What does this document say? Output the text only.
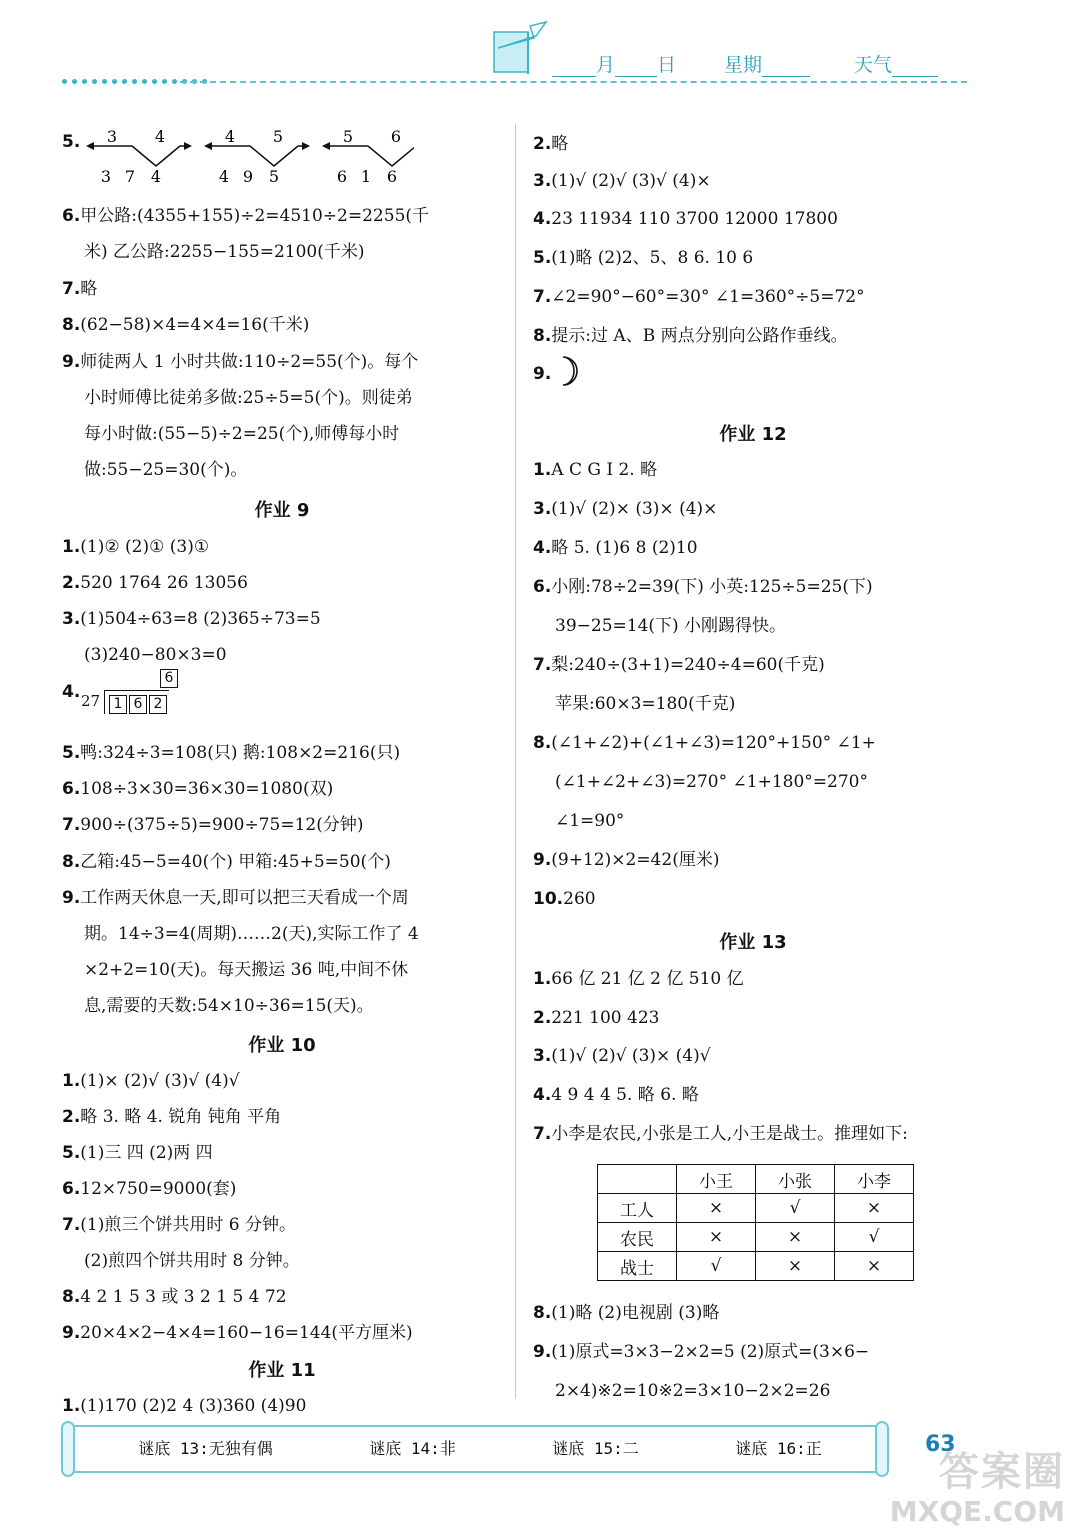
月 日	星期	天气
5. 3 4
3 7 4
4 5
4 9 5
5 6
6 1 6
4.
6
27 1 6 2
6.甲公路:(4355+155)÷2=4510÷2=2255(千
米) 乙公路:2255−155=2100(千米)
7.略
8.(62−58)×4=4×4=16(千米)
9.师徒两人 1 小时共做:110÷2=55(个)。每个
小时师傅比徒弟多做:25÷5=5(个)。则徒弟
每小时做:(55−5)÷2=25(个),师傅每小时
做:55−25=30(个)。
1.(1)② (2)① (3)①
2.520 1764 26 13056
3.(1)504÷63=8 (2)365÷73=5
(3)240−80×3=0
5.鸭:324÷3=108(只) 鹅:108×2=216(只)
6.108÷3×30=36×30=1080(双)
7.900÷(375÷5)=900÷75=12(分钟)
8.乙箱:45−5=40(个) 甲箱:45+5=50(个)
9.工作两天休息一天,即可以把三天看成一个周
期。14÷3=4(周期)……2(天),实际工作了 4
×2+2=10(天)。每天搬运 36 吨,中间不休
息,需要的天数:54×10÷36=15(天)。
1.(1)× (2)√ (3)√ (4)√
2.略 3. 略 4. 锐角 钝角 平角
5.(1)三 四 (2)两 四
6.12×750=9000(套)
7.(1)煎三个饼共用时 6 分钟。
(2)煎四个饼共用时 8 分钟。
8.4 2 1 5 3 或 3 2 1 5 4 72
9.20×4×2−4×4=160−16=144(平方厘米)
1.(1)170 (2)2 4 (3)360 (4)90
作业 9
作业 10
作业 11
9.
	小王	小张	小李
工人	×	√	×
农民	×	×	√
战士	√	×	×
2.略
3.(1)√ (2)√ (3)√ (4)×
4.23 11934 110 3700 12000 17800
5.(1)略 (2)2、5、8 6. 10 6
7.∠2=90°−60°=30° ∠1=360°÷5=72°
8.提示:过 A、B 两点分别向公路作垂线。
1.A C G I 2. 略
3.(1)√ (2)× (3)× (4)×
4.略 5. (1)6 8 (2)10
6.小刚:78÷2=39(下) 小英:125÷5=25(下)
39−25=14(下) 小刚踢得快。
7.梨:240÷(3+1)=240÷4=60(千克)
苹果:60×3=180(千克)
8.(∠1+∠2)+(∠1+∠3)=120°+150° ∠1+
(∠1+∠2+∠3)=270° ∠1+180°=270°
∠1=90°
9.(9+12)×2=42(厘米)
10.260
1.66 亿 21 亿 2 亿 510 亿
2.221 100 423
3.(1)√ (2)√ (3)× (4)√
4.4 9 4 4 5. 略 6. 略
7.小李是农民,小张是工人,小王是战士。推理如下:
8.(1)略 (2)电视剧 (3)略
9.(1)原式=3×3−2×2=5 (2)原式=(3×6−
2×4)※2=10※2=3×10−2×2=26
作业 12
作业 13
谜底 13:无独有偶	谜底 14:非	谜底 15:二	谜底 16:正	63
答案圈
MXQE.COM
